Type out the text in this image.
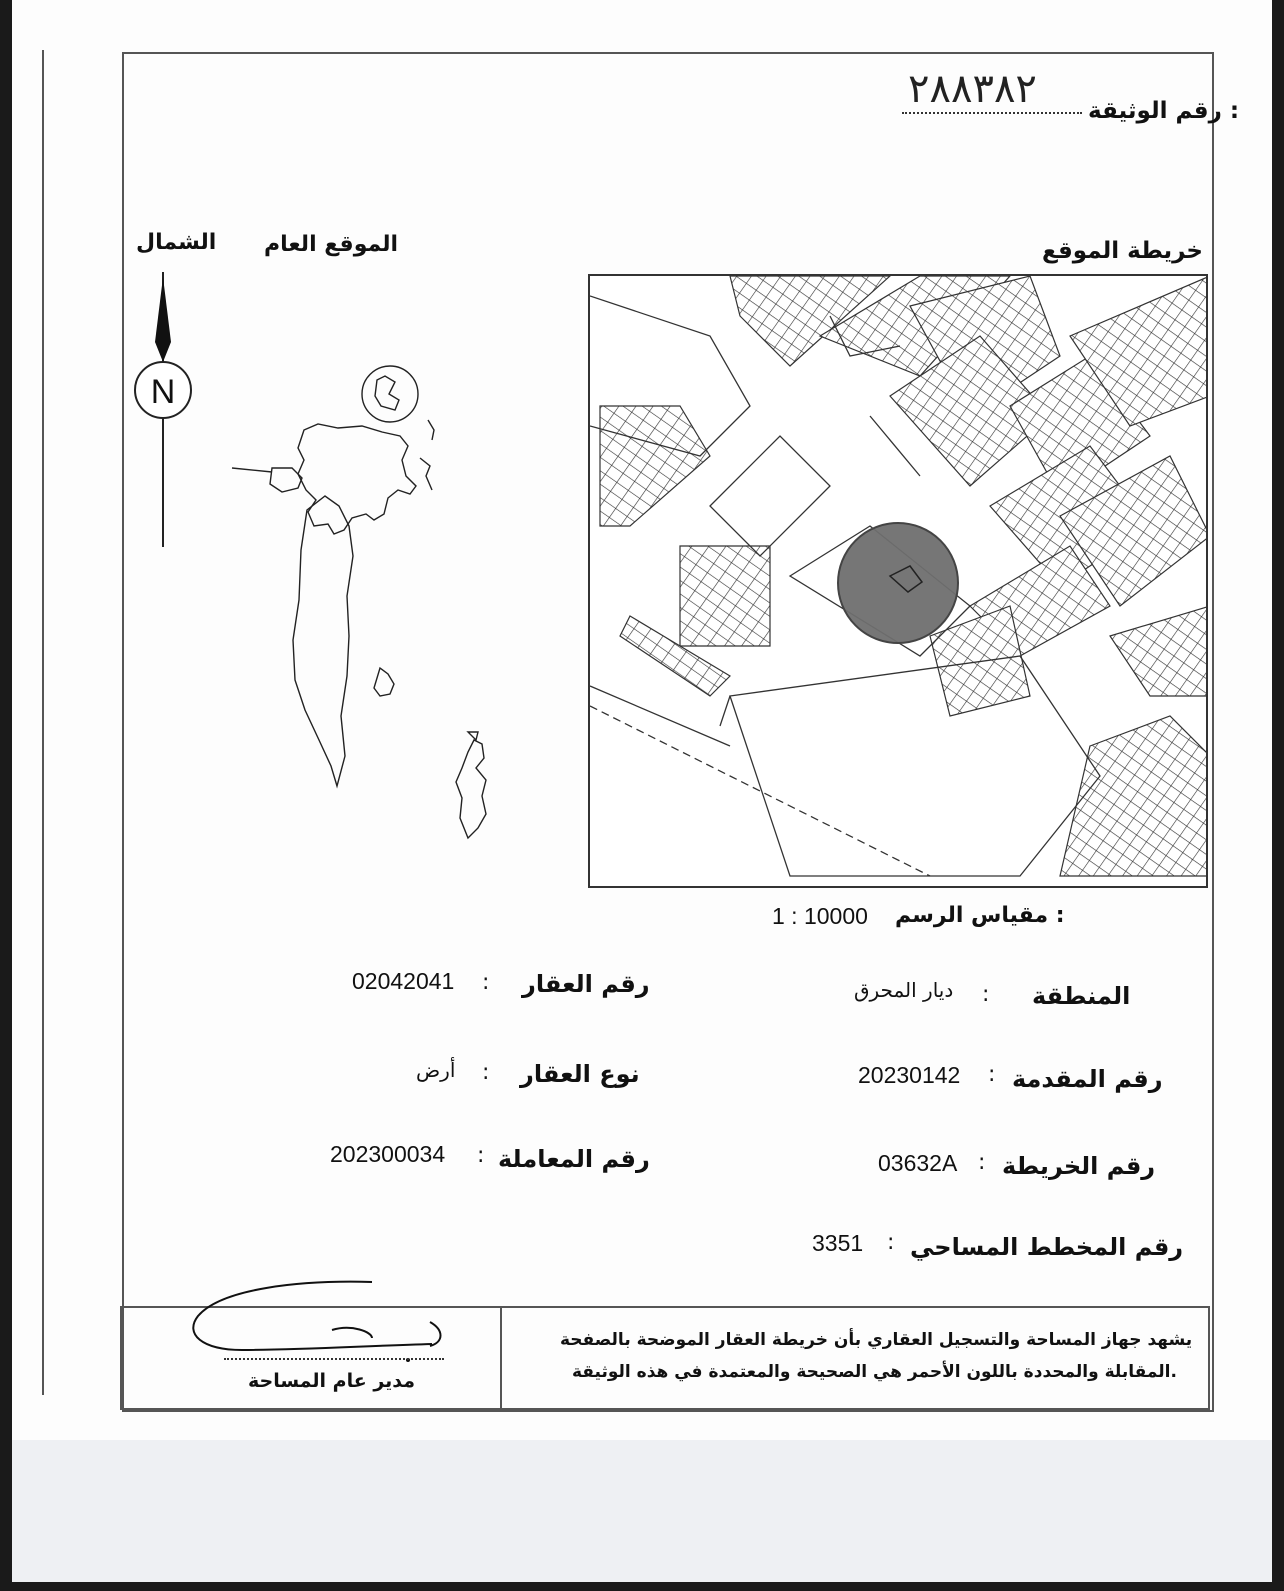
رقم الوثيقة :
٢٨٨٣٨٢
خريطة الموقع
الموقع العام
الشمال
N
مقياس الرسم :
1 : 10000
المنطقة
:
ديار المحرق
رقم المقدمة
:
20230142
رقم الخريطة
:
03632A
رقم المخطط المساحي
:
3351
رقم العقار
:
02042041
نوع العقار
:
أرض
رقم المعاملة
:
202300034
يشهد جهاز المساحة والتسجيل العقاري بأن خريطة العقار الموضحة بالصفحة
المقابلة والمحددة باللون الأحمر هي الصحيحة والمعتمدة في هذه الوثيقة.
مدير عام المساحة
